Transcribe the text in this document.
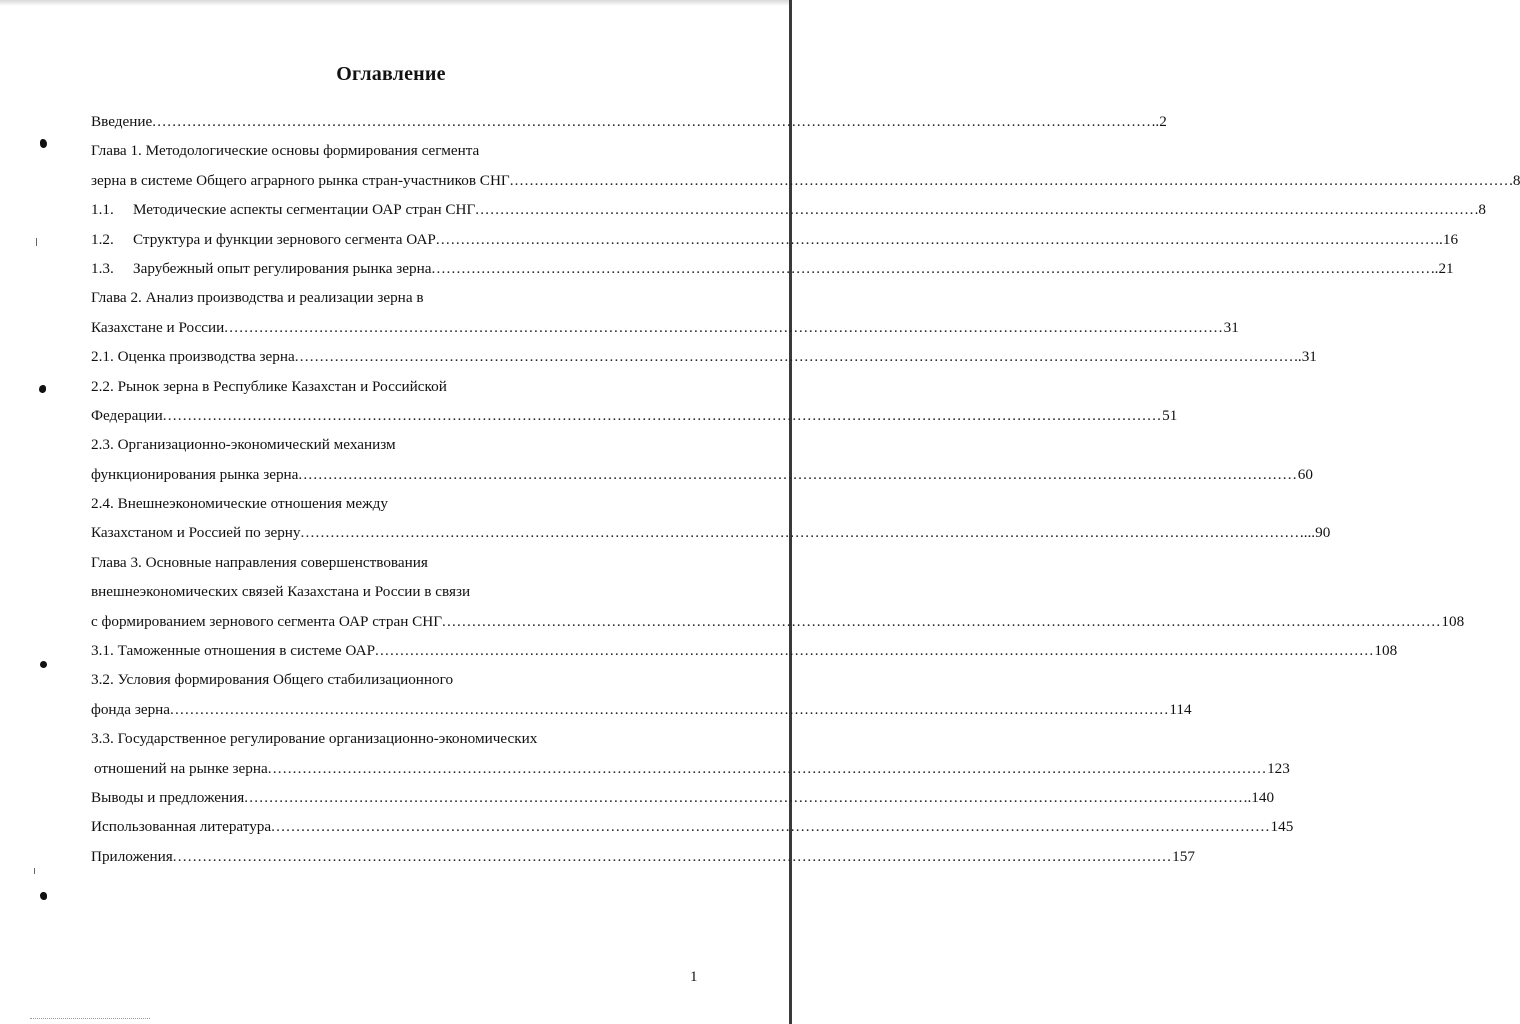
Оглавление
Введение ........................................................................................................................................................................................................ ..2
Глава 1. Методологические основы формирования сегмента
зерна в системе Общего аграрного рынка стран-участников СНГ ........................................................................................................................................................................................................ .8
1.1. Методические аспекты сегментации ОАР стран СНГ ........................................................................................................................................................................................................ .8
1.2. Структура и функции зернового сегмента ОАР ........................................................................................................................................................................................................ ..16
1.3. Зарубежный опыт регулирования рынка зерна ........................................................................................................................................................................................................ ..21
Глава 2. Анализ производства и реализации зерна в
Казахстане и России ........................................................................................................................................................................................................ 31
2.1. Оценка производства зерна ........................................................................................................................................................................................................ ..31
2.2. Рынок зерна в Республике Казахстан и Российской
Федерации ........................................................................................................................................................................................................ 51
2.3. Организационно-экономический механизм
функционирования рынка зерна ........................................................................................................................................................................................................ 60
2.4. Внешнеэкономические отношения между
Казахстаном и Россией по зерну ........................................................................................................................................................................................................ ....90
Глава 3. Основные направления совершенствования
внешнеэкономических связей Казахстана и России в связи
с формированием зернового сегмента ОАР стран СНГ ........................................................................................................................................................................................................ 108
3.1. Таможенные отношения в системе ОАР ........................................................................................................................................................................................................ 108
3.2. Условия формирования Общего стабилизационного
фонда зерна ........................................................................................................................................................................................................ 114
3.3. Государственное регулирование организационно-экономических
отношений на рынке зерна ........................................................................................................................................................................................................ 123
Выводы и предложения ........................................................................................................................................................................................................ ..140
Использованная литература ........................................................................................................................................................................................................ 145
Приложения ........................................................................................................................................................................................................ 157
1
